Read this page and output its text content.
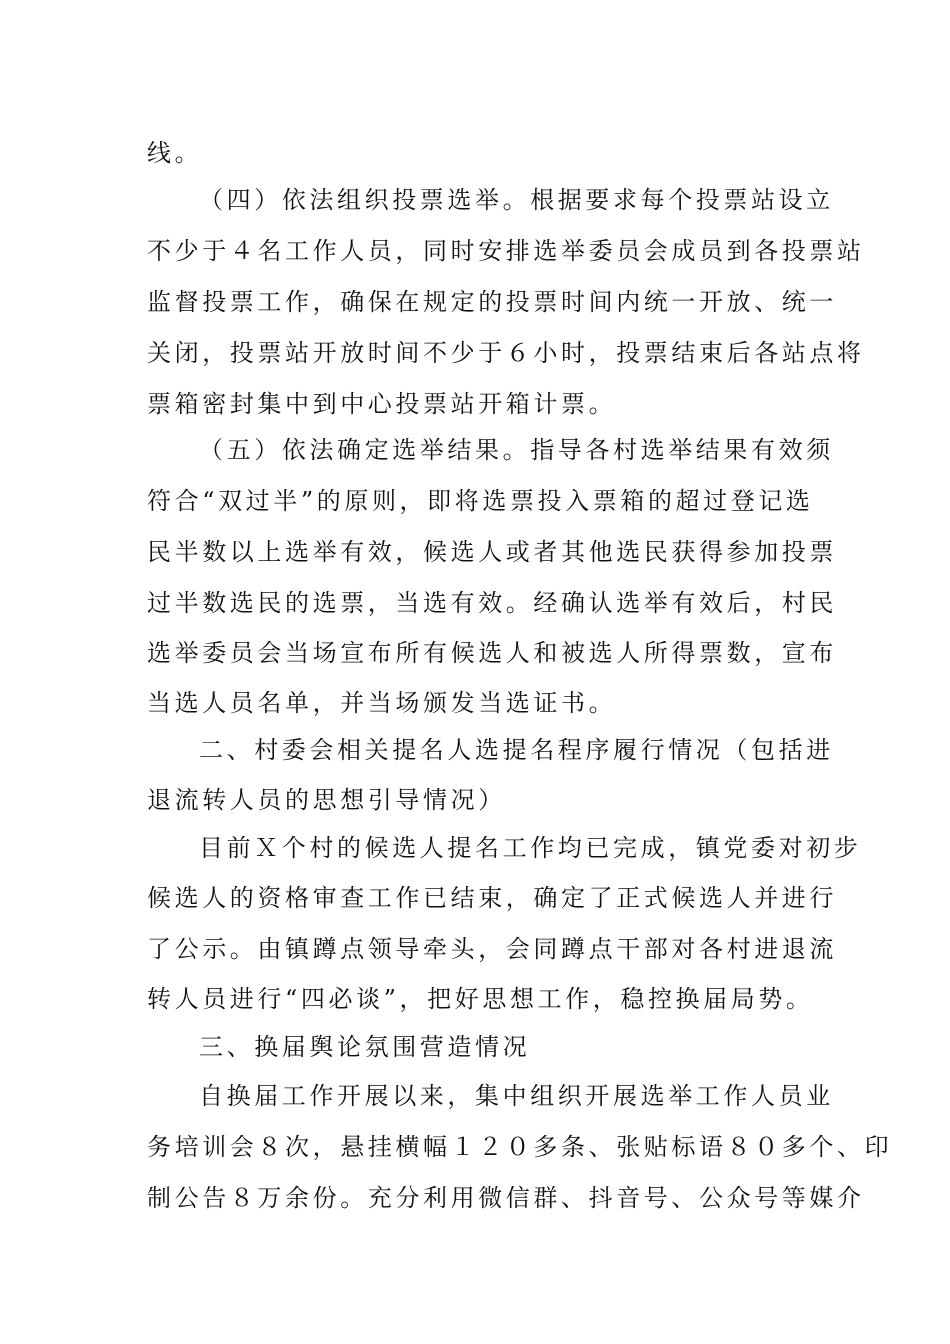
线。
（四）依法组织投票选举。根据要求每个投票站设立
不少于４名工作人员，同时安排选举委员会成员到各投票站
监督投票工作，确保在规定的投票时间内统一开放、统一
关闭，投票站开放时间不少于６小时，投票结束后各站点将
票箱密封集中到中心投票站开箱计票。
（五）依法确定选举结果。指导各村选举结果有效须
符合“双过半”的原则，即将选票投入票箱的超过登记选
民半数以上选举有效，候选人或者其他选民获得参加投票
过半数选民的选票，当选有效。经确认选举有效后，村民
选举委员会当场宣布所有候选人和被选人所得票数，宣布
当选人员名单，并当场颁发当选证书。
二、村委会相关提名人选提名程序履行情况（包括进
退流转人员的思想引导情况）
目前Ｘ个村的候选人提名工作均已完成，镇党委对初步
候选人的资格审查工作已结束，确定了正式候选人并进行
了公示。由镇蹲点领导牵头，会同蹲点干部对各村进退流
转人员进行“四必谈”，把好思想工作，稳控换届局势。
三、换届舆论氛围营造情况
自换届工作开展以来，集中组织开展选举工作人员业
务培训会８次，悬挂横幅１２０多条、张贴标语８０多个、印
制公告８万余份。充分利用微信群、抖音号、公众号等媒介
